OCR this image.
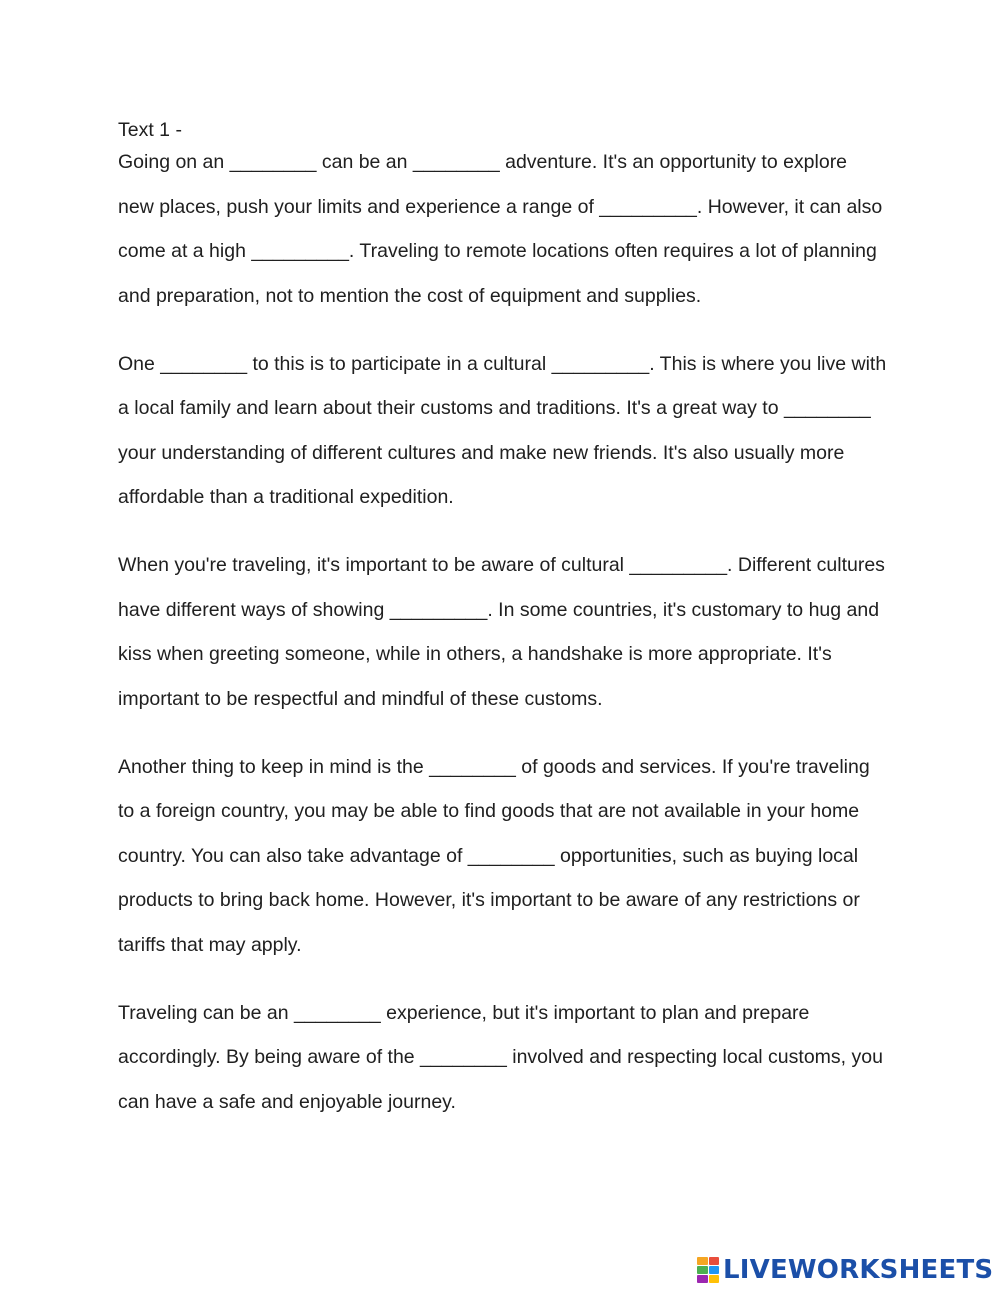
Text 1 -

Going on an ________ can be an ________ adventure. It's an opportunity to explore new places, push your limits and experience a range of _________. However, it can also come at a high _________. Traveling to remote locations often requires a lot of planning and preparation, not to mention the cost of equipment and supplies.

One ________ to this is to participate in a cultural _________. This is where you live with a local family and learn about their customs and traditions. It's a great way to ________ your understanding of different cultures and make new friends. It's also usually more affordable than a traditional expedition.

When you're traveling, it's important to be aware of cultural _________. Different cultures have different ways of showing _________. In some countries, it's customary to hug and kiss when greeting someone, while in others, a handshake is more appropriate. It's important to be respectful and mindful of these customs.

Another thing to keep in mind is the ________ of goods and services. If you're traveling to a foreign country, you may be able to find goods that are not available in your home country. You can also take advantage of ________ opportunities, such as buying local products to bring back home. However, it's important to be aware of any restrictions or tariffs that may apply.

Traveling can be an ________ experience, but it's important to plan and prepare accordingly. By being aware of the ________ involved and respecting local customs, you can have a safe and enjoyable journey.

LIVEWORKSHEETS
